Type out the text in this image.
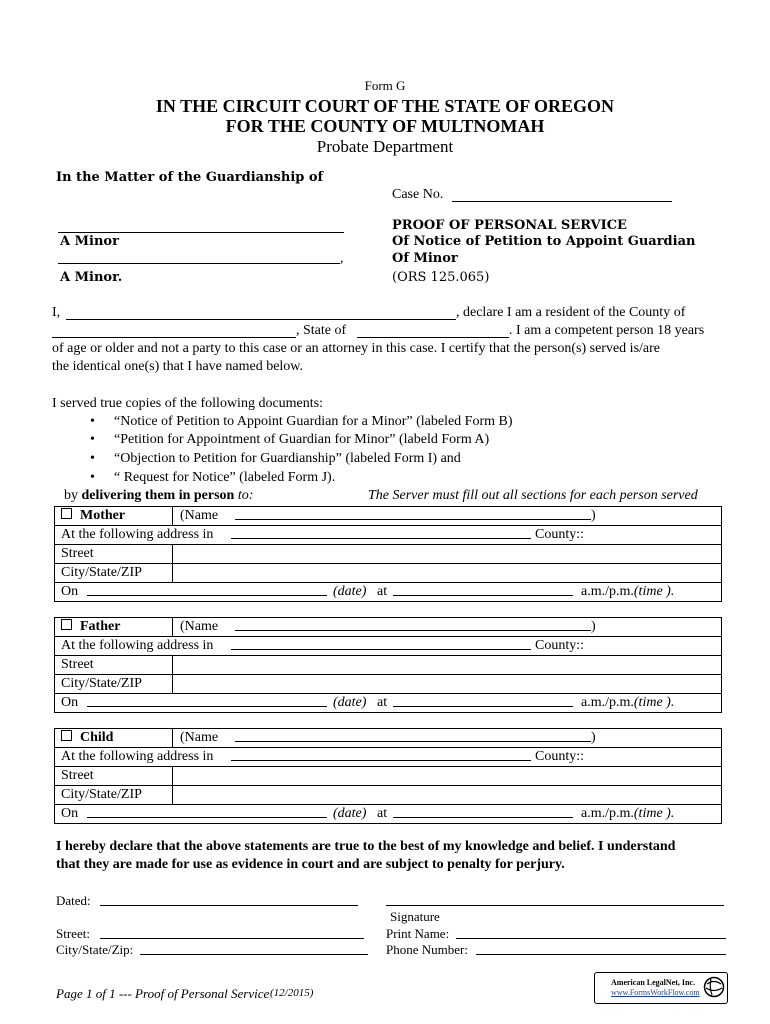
Form G
IN THE CIRCUIT COURT OF THE STATE OF OREGON
FOR THE COUNTY OF MULTNOMAH
Probate Department
In the Matter of the Guardianship of
Case No.
A Minor
,
A Minor.
PROOF OF PERSONAL SERVICE
Of Notice of Petition to Appoint Guardian
Of Minor
(ORS 125.065)
I,	, declare I am a resident of the County of
, State of	. I am a competent person 18 years
of age or older and not a party to this case or an attorney in this case. I certify that the person(s) served is/are
the identical one(s) that I have named below.
I served true copies of the following documents:
• “Notice of Petition to Appoint Guardian for a Minor” (labeled Form B)
• “Petition for Appointment of Guardian for Minor” (labeld Form A)
• “Objection to Petition for Guardianship” (labeled Form I) and
• “ Request for Notice” (labeled Form J).
by delivering them in person to:	The Server must fill out all sections for each person served
Mother	(Name	)
At the following address in	County::
Street
City/State/ZIP
On	(date) at	a.m./p.m.(time ).
Father	(Name	)
At the following address in	County::
Street
City/State/ZIP
On	(date) at	a.m./p.m.(time ).
Child	(Name	)
At the following address in	County::
Street
City/State/ZIP
On	(date) at	a.m./p.m.(time ).
I hereby declare that the above statements are true to the best of my knowledge and belief. I understand
that they are made for use as evidence in court and are subject to penalty for perjury.
Dated:
Signature
Street:	Print Name:
City/State/Zip:	Phone Number:
Page 1 of 1 --- Proof of Personal Service (12/2015)
American LegalNet, Inc.
www.FormsWorkFlow.com
